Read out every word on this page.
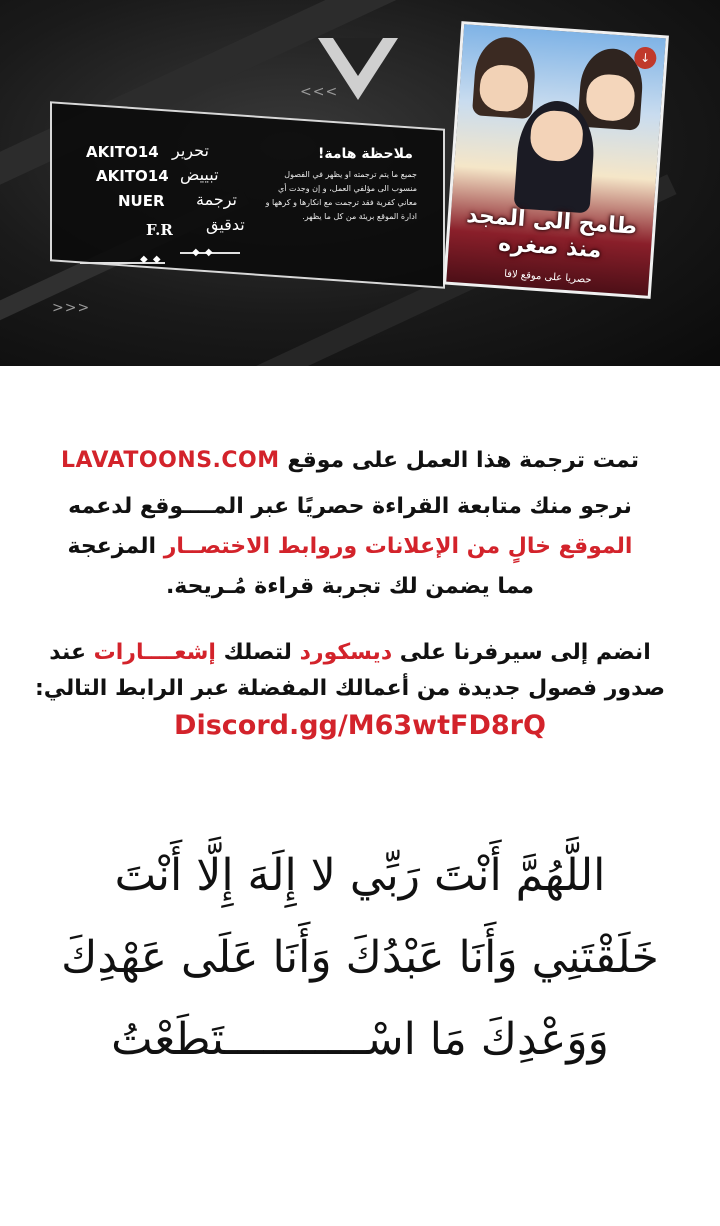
<<<
>>>
AKITO14 تحرير
AKITO14 تبييض
NUER ترجمة
F.R تدقيق
◆ ◆
◆ ◆
ملاحظة هامة!
جميع ما يتم ترجمته او يظهر في الفصول منسوب الى مؤلفي العمل، و إن وجدت أي معاني كفرية فقد ترجمت مع انكارها و كرهها و ادارة الموقع بريئة من كل ما يظهر.
↓
طامح الى المجد منذ صغره
حصريا على موقع لافا
تمت ترجمة هذا العمل على موقع LAVATOONS.COM
نرجو منك متابعة القراءة حصريًا عبر المــــوقع لدعمه
الموقع خالٍ من الإعلانات وروابط الاختصــار المزعجة
مما يضمن لك تجربة قراءة مُـريحة.
انضم إلى سيرفرنا على ديسكورد لتصلك إشعــــارات عند
صدور فصول جديدة من أعمالك المفضلة عبر الرابط التالي:
Discord.gg/M63wtFD8rQ
اللَّهُمَّ أَنْتَ رَبِّي لا إِلَهَ إِلَّا أَنْتَ
خَلَقْتَنِي وَأَنَا عَبْدُكَ وَأَنَا عَلَى عَهْدِكَ
وَوَعْدِكَ مَا اسْـــــــــــتَطَعْتُ
